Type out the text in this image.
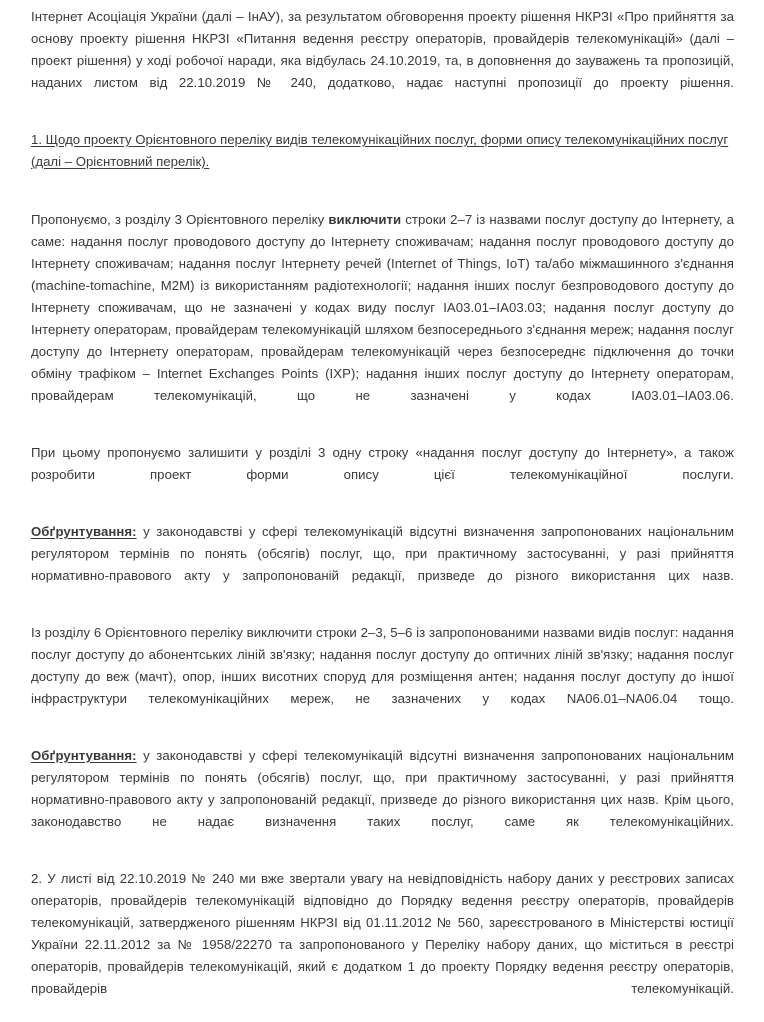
Інтернет Асоціація України (далі – ІнАУ), за результатом обговорення проекту рішення НКРЗІ «Про прийняття за основу проекту рішення НКРЗІ «Питання ведення реєстру операторів, провайдерів телекомунікацій» (далі – проект рішення) у ході робочої наради, яка відбулась 24.10.2019, та, в доповнення до зауважень та пропозицій, наданих листом від 22.10.2019 № 240, додатково, надає наступні пропозиції до проекту рішення.

1. Щодо проекту Орієнтовного переліку видів телекомунікаційних послуг, форми опису телекомунікаційних послуг
(далі – Орієнтовний перелік).

Пропонуємо, з розділу 3 Орієнтовного переліку виключити строки 2–7 із назвами послуг доступу до Інтернету, а саме: надання послуг проводового доступу до Інтернету споживачам; надання послуг проводового доступу до Інтернету споживачам; надання послуг Інтернету речей (Internet of Things, IoT) та/або міжмашинного з'єднання (machine-tomachine, M2M) із використанням радіотехнології; надання інших послуг безпроводового доступу до Інтернету споживачам, що не зазначені у кодах виду послуг IA03.01–IA03.03; надання послуг доступу до Інтернету операторам, провайдерам телекомунікацій шляхом безпосереднього з'єднання мереж; надання послуг доступу до Інтернету операторам, провайдерам телекомунікацій через безпосереднє підключення до точки обміну трафіком – Internet Exchanges Points (IXP); надання інших послуг доступу до Інтернету операторам, провайдерам телекомунікацій, що не зазначені у кодах IA03.01–IA03.06.

При цьому пропонуємо залишити у розділі 3 одну строку «надання послуг доступу до Інтернету», а також розробити проект форми опису цієї телекомунікаційної послуги.

Обґрунтування: у законодавстві у сфері телекомунікацій відсутні визначення запропонованих національним регулятором термінів по понять (обсягів) послуг, що, при практичному застосуванні, у разі прийняття нормативно-правового акту у запропонованій редакції, призведе до різного використання цих назв.

Із розділу 6 Орієнтовного переліку виключити строки 2–3, 5–6 із запропонованими назвами видів послуг: надання послуг доступу до абонентських ліній зв'язку; надання послуг доступу до оптичних ліній зв'язку; надання послуг доступу до веж (мачт), опор, інших висотних споруд для розміщення антен; надання послуг доступу до іншої інфраструктури телекомунікаційних мереж, не зазначених у кодах NA06.01–NA06.04 тощо.

Обґрунтування: у законодавстві у сфері телекомунікацій відсутні визначення запропонованих національним регулятором термінів по понять (обсягів) послуг, що, при практичному застосуванні, у разі прийняття нормативно-правового акту у запропонованій редакції, призведе до різного використання цих назв. Крім цього, законодавство не надає визначення таких послуг, саме як телекомунікаційних.

2. У листі від 22.10.2019 № 240 ми вже звертали увагу на невідповідність набору даних у реєстрових записах операторів, провайдерів телекомунікацій відповідно до Порядку ведення реєстру операторів, провайдерів телекомунікацій, затвердженого рішенням НКРЗІ від 01.11.2012 № 560, зареєстрованого в Міністерстві юстиції України 22.11.2012 за № 1958/22270 та запропонованого у Переліку набору даних, що міститься в реєстрі операторів, провайдерів телекомунікацій, який є додатком 1 до проекту Порядку ведення реєстру операторів, провайдерів телекомунікацій.
